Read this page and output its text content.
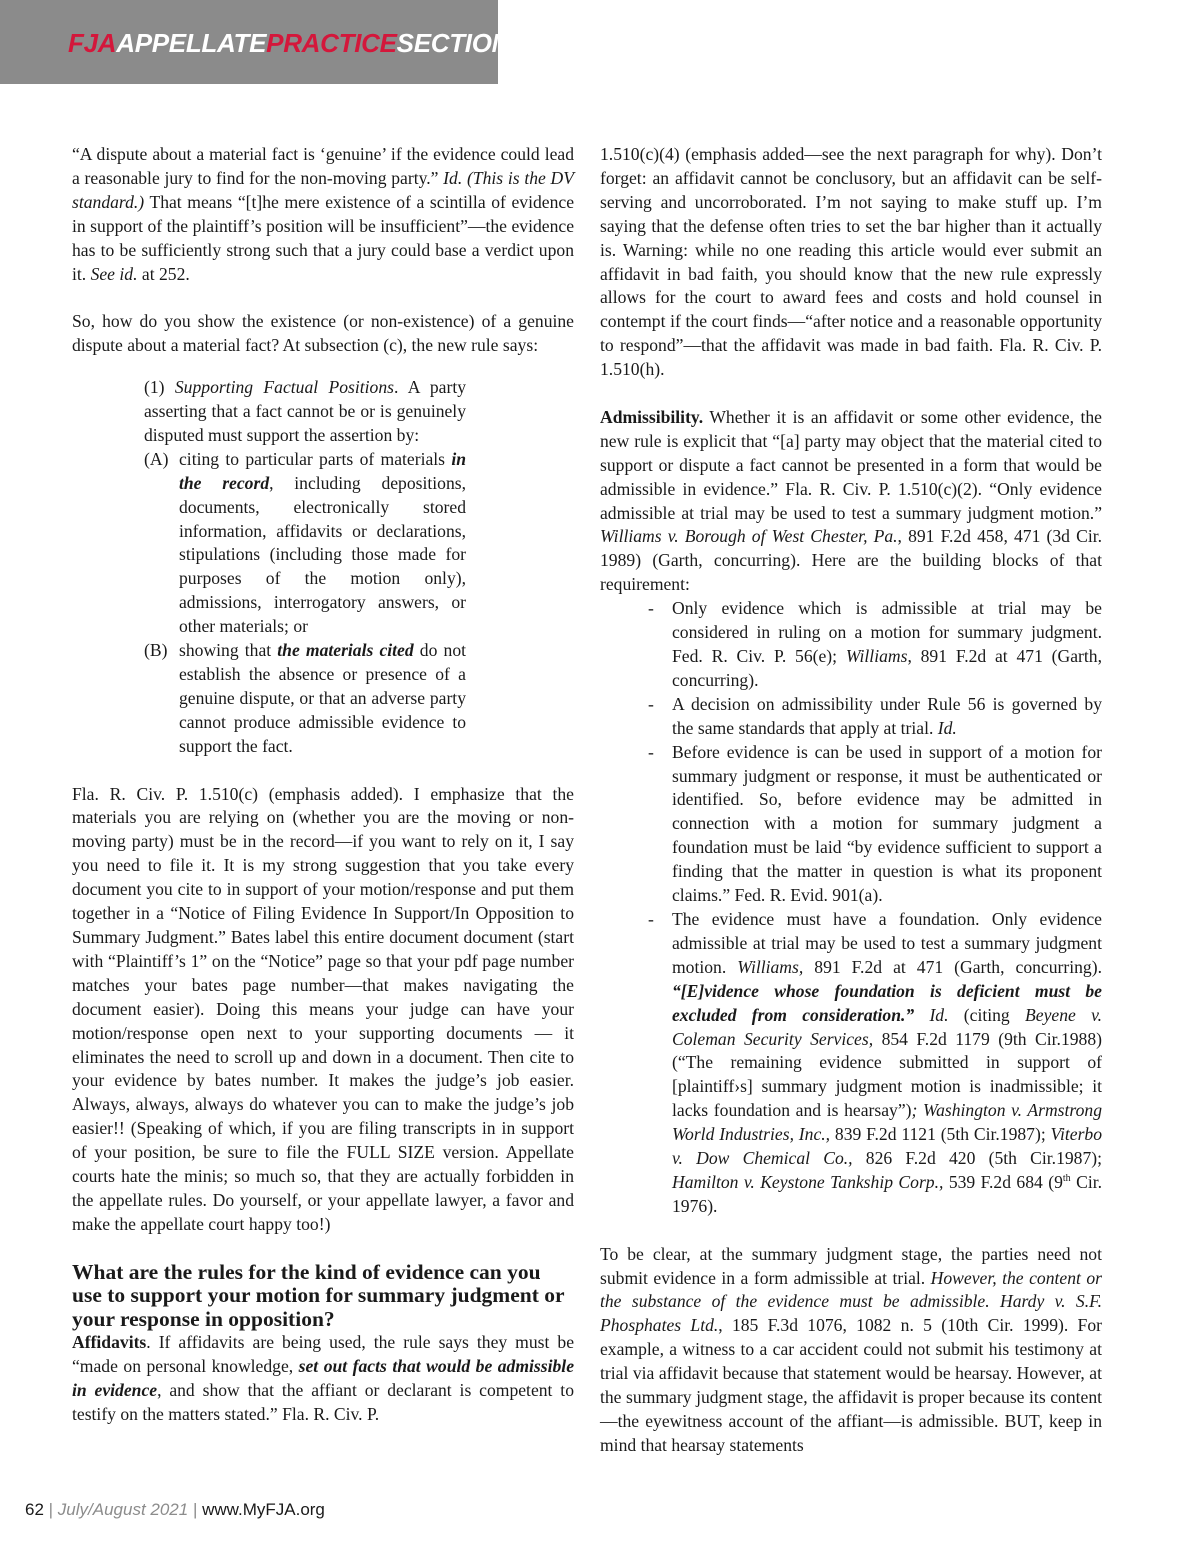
FJAAPPELLATEPRACTICESECTION

“A dispute about a material fact is ‘genuine’ if the evidence could lead a reasonable jury to find for the non-moving party.” Id. (This is the DV standard.) That means “[t]he mere existence of a scintilla of evidence in support of the plaintiff’s position will be insufficient”—the evidence has to be sufficiently strong such that a jury could base a verdict upon it. See id. at 252.

So, how do you show the existence (or non-existence) of a genuine dispute about a material fact? At subsection (c), the new rule says:

(1) Supporting Factual Positions. A party asserting that a fact cannot be or is genuinely disputed must support the assertion by:
(A) citing to particular parts of materials in the record, including depositions, documents, electronically stored information, affidavits or declarations, stipulations (including those made for purposes of the motion only), admissions, interrogatory answers, or other materials; or
(B) showing that the materials cited do not establish the absence or presence of a genuine dispute, or that an adverse party cannot produce admissible evidence to support the fact.

Fla. R. Civ. P. 1.510(c) (emphasis added). I emphasize that the materials you are relying on (whether you are the moving or non-moving party) must be in the record—if you want to rely on it, I say you need to file it. It is my strong suggestion that you take every document you cite to in support of your motion/response and put them together in a “Notice of Filing Evidence In Support/In Opposition to Summary Judgment.” Bates label this entire document document (start with “Plaintiff’s 1” on the “Notice” page so that your pdf page number matches your bates page number—that makes navigating the document easier). Doing this means your judge can have your motion/response open next to your supporting documents — it eliminates the need to scroll up and down in a document. Then cite to your evidence by bates number. It makes the judge’s job easier. Always, always, always do whatever you can to make the judge’s job easier!! (Speaking of which, if you are filing transcripts in in support of your position, be sure to file the FULL SIZE version. Appellate courts hate the minis; so much so, that they are actually forbidden in the appellate rules. Do yourself, or your appellate lawyer, a favor and make the appellate court happy too!)

What are the rules for the kind of evidence can you use to support your motion for summary judgment or your response in opposition?

Affidavits. If affidavits are being used, the rule says they must be “made on personal knowledge, set out facts that would be admissible in evidence, and show that the affiant or declarant is competent to testify on the matters stated.” Fla. R. Civ. P.

1.510(c)(4) (emphasis added—see the next paragraph for why). Don’t forget: an affidavit cannot be conclusory, but an affidavit can be self-serving and uncorroborated. I’m not saying to make stuff up. I’m saying that the defense often tries to set the bar higher than it actually is. Warning: while no one reading this article would ever submit an affidavit in bad faith, you should know that the new rule expressly allows for the court to award fees and costs and hold counsel in contempt if the court finds—“after notice and a reasonable opportunity to respond”—that the affidavit was made in bad faith. Fla. R. Civ. P. 1.510(h).

Admissibility. Whether it is an affidavit or some other evidence, the new rule is explicit that “[a] party may object that the material cited to support or dispute a fact cannot be presented in a form that would be admissible in evidence.” Fla. R. Civ. P. 1.510(c)(2). “Only evidence admissible at trial may be used to test a summary judgment motion.” Williams v. Borough of West Chester, Pa., 891 F.2d 458, 471 (3d Cir. 1989) (Garth, concurring). Here are the building blocks of that requirement:

-	Only evidence which is admissible at trial may be considered in ruling on a motion for summary judgment. Fed. R. Civ. P. 56(e); Williams, 891 F.2d at 471 (Garth, concurring).
-	A decision on admissibility under Rule 56 is governed by the same standards that apply at trial. Id.
-	Before evidence is can be used in support of a motion for summary judgment or response, it must be authenticated or identified. So, before evidence may be admitted in connection with a motion for summary judgment a foundation must be laid “by evidence sufficient to support a finding that the matter in question is what its proponent claims.” Fed. R. Evid. 901(a).
-	The evidence must have a foundation. Only evidence admissible at trial may be used to test a summary judgment motion. Williams, 891 F.2d at 471 (Garth, concurring). “[E]vidence whose foundation is deficient must be excluded from consideration.” Id. (citing Beyene v. Coleman Security Services, 854 F.2d 1179 (9th Cir.1988) (“The remaining evidence submitted in support of [plaintiff›s] summary judgment motion is inadmissible; it lacks foundation and is hearsay”); Washington v. Armstrong World Industries, Inc., 839 F.2d 1121 (5th Cir.1987); Viterbo v. Dow Chemical Co., 826 F.2d 420 (5th Cir.1987); Hamilton v. Keystone Tankship Corp., 539 F.2d 684 (9th Cir. 1976).

To be clear, at the summary judgment stage, the parties need not submit evidence in a form admissible at trial. However, the content or the substance of the evidence must be admissible. Hardy v. S.F. Phosphates Ltd., 185 F.3d 1076, 1082 n. 5 (10th Cir. 1999). For example, a witness to a car accident could not submit his testimony at trial via affidavit because that statement would be hearsay. However, at the summary judgment stage, the affidavit is proper because its content—the eyewitness account of the affiant—is admissible. BUT, keep in mind that hearsay statements

62 | July/August 2021 | www.MyFJA.org
